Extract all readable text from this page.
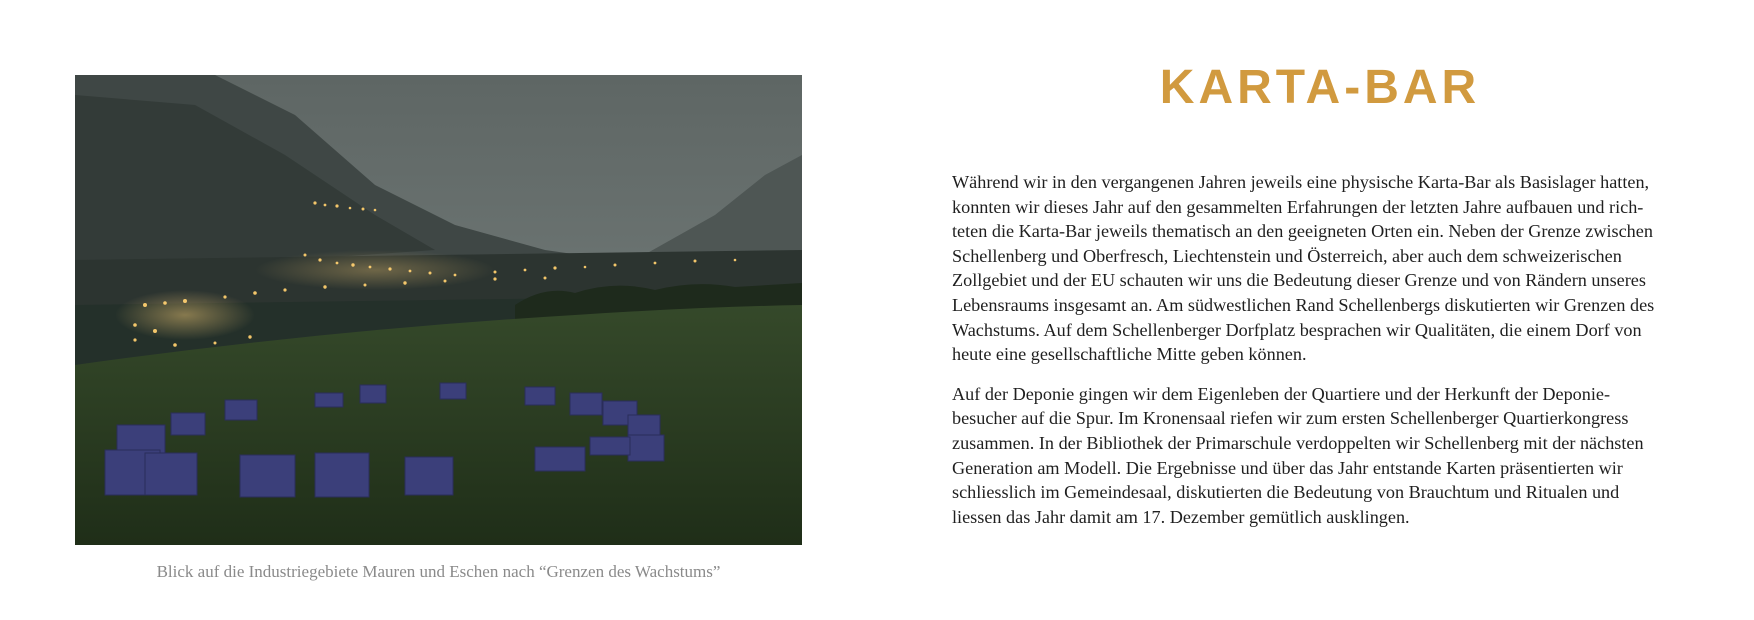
Blick auf die Industriegebiete Mauren und Eschen nach “Grenzen des Wachstums”
KARTA-BAR

Während wir in den vergangenen Jahren jeweils eine physische Karta-Bar als Basislager hatten,
konnten wir dieses Jahr auf den gesammelten Erfahrungen der letzten Jahre aufbauen und rich-
teten die Karta-Bar jeweils thematisch an den geeigneten Orten ein. Neben der Grenze zwischen
Schellenberg und Oberfresch, Liechtenstein und Österreich, aber auch dem schweizerischen
Zollgebiet und der EU schauten wir uns die Bedeutung dieser Grenze und von Rändern unseres
Lebensraums insgesamt an. Am südwestlichen Rand Schellenbergs diskutierten wir Grenzen des
Wachstums. Auf dem Schellenberger Dorfplatz besprachen wir Qualitäten, die einem Dorf von
heute eine gesellschaftliche Mitte geben können.

Auf der Deponie gingen wir dem Eigenleben der Quartiere und der Herkunft der Deponie-
besucher auf die Spur. Im Kronensaal riefen wir zum ersten Schellenberger Quartierkongress
zusammen. In der Bibliothek der Primarschule verdoppelten wir Schellenberg mit der nächsten
Generation am Modell. Die Ergebnisse und über das Jahr entstande Karten präsentierten wir
schliesslich im Gemeindesaal, diskutierten die Bedeutung von Brauchtum und Ritualen und
liessen das Jahr damit am 17. Dezember gemütlich ausklingen.
